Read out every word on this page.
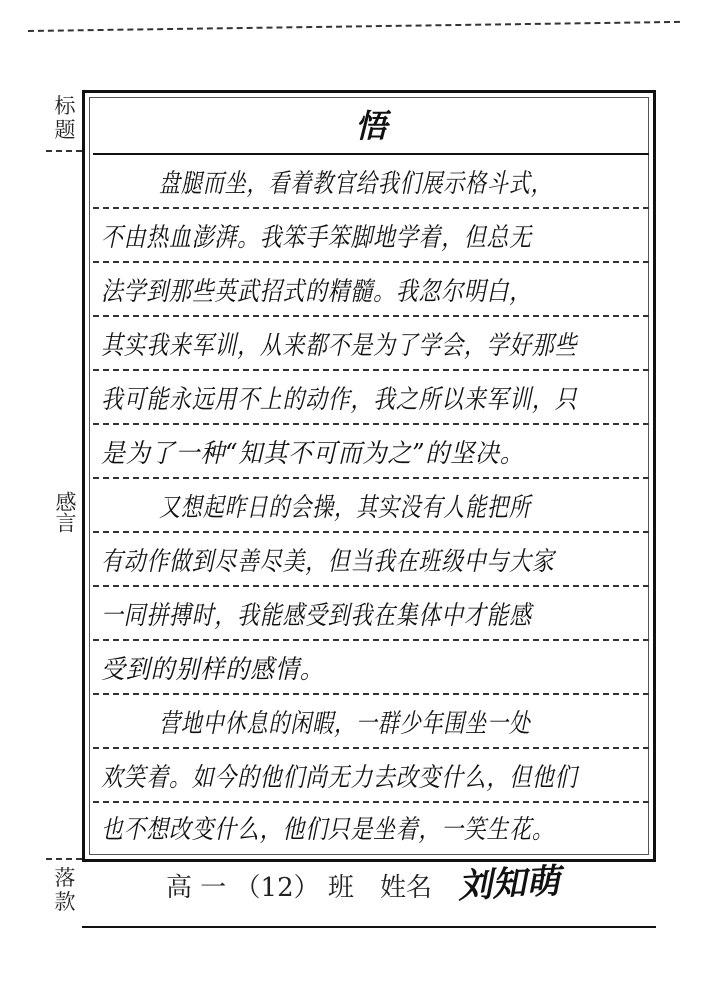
标
题
感言
落
款
悟
盘腿而坐，看着教官给我们展示格斗式，
不由热血澎湃。我笨手笨脚地学着，但总无
法学到那些英武招式的精髓。我忽尔明白，
其实我来军训，从来都不是为了学会，学好那些
我可能永远用不上的动作，我之所以来军训，只
是为了一种“知其不可而为之”的坚决。
又想起昨日的会操，其实没有人能把所
有动作做到尽善尽美，但当我在班级中与大家
一同拼搏时，我能感受到我在集体中才能感
受到的别样的感情。
营地中休息的闲暇，一群少年围坐一处
欢笑着。如今的他们尚无力去改变什么，但他们
也不想改变什么，他们只是坐着，一笑生花。
高 一 （12） 班 姓名 刘知萌
